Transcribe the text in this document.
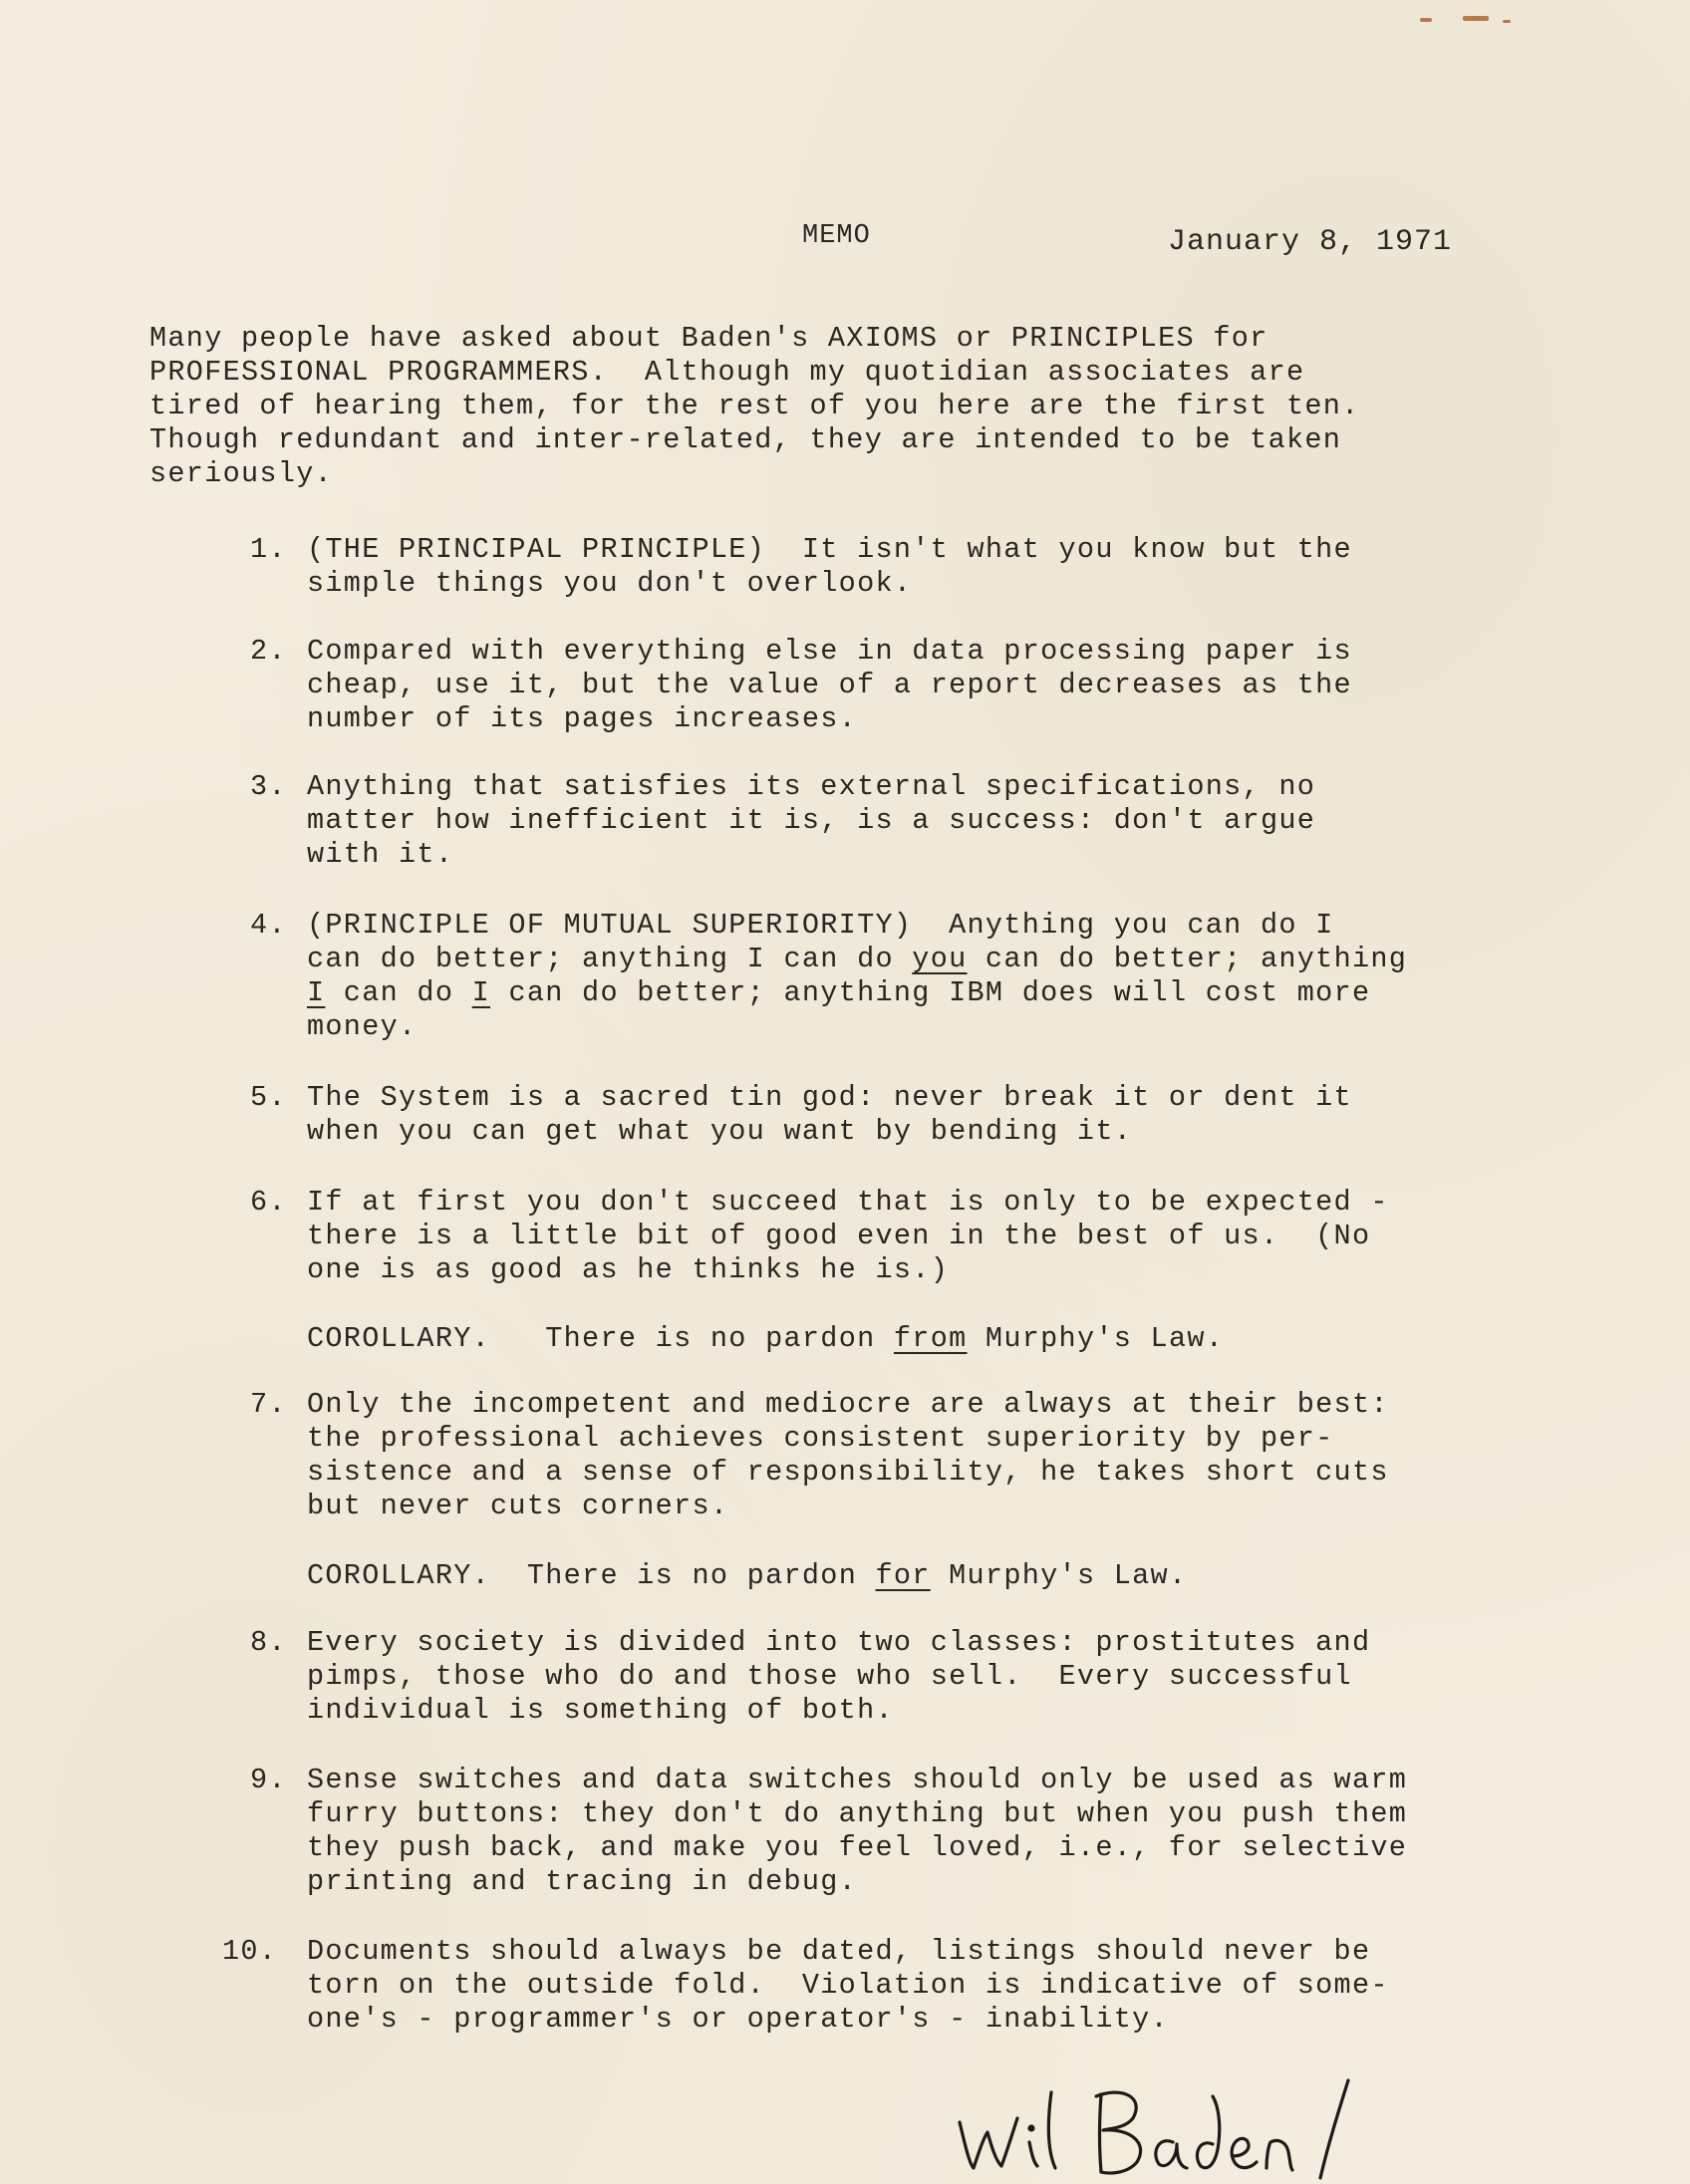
MEMO	January 8, 1971
Many people have asked about Baden's AXIOMS or PRINCIPLES for
PROFESSIONAL PROGRAMMERS.  Although my quotidian associates are
tired of hearing them, for the rest of you here are the first ten.
Though redundant and inter-related, they are intended to be taken
seriously.
1. (THE PRINCIPAL PRINCIPLE)  It isn't what you know but the
simple things you don't overlook.
2. Compared with everything else in data processing paper is
cheap, use it, but the value of a report decreases as the
number of its pages increases.
3. Anything that satisfies its external specifications, no
matter how inefficient it is, is a success: don't argue
with it.
4. (PRINCIPLE OF MUTUAL SUPERIORITY)  Anything you can do I
can do better; anything I can do you can do better; anything
I can do I can do better; anything IBM does will cost more
money.
5. The System is a sacred tin god: never break it or dent it
when you can get what you want by bending it.
6. If at first you don't succeed that is only to be expected -
there is a little bit of good even in the best of us.  (No
one is as good as he thinks he is.)
COROLLARY. There is no pardon from Murphy's Law.
7. Only the incompetent and mediocre are always at their best:
the professional achieves consistent superiority by per-
sistence and a sense of responsibility, he takes short cuts
but never cuts corners.
COROLLARY. There is no pardon for Murphy's Law.
8. Every society is divided into two classes: prostitutes and
pimps, those who do and those who sell.  Every successful
individual is something of both.
9. Sense switches and data switches should only be used as warm
furry buttons: they don't do anything but when you push them
they push back, and make you feel loved, i.e., for selective
printing and tracing in debug.
10. Documents should always be dated, listings should never be
torn on the outside fold.  Violation is indicative of some-
one's - programmer's or operator's - inability.
